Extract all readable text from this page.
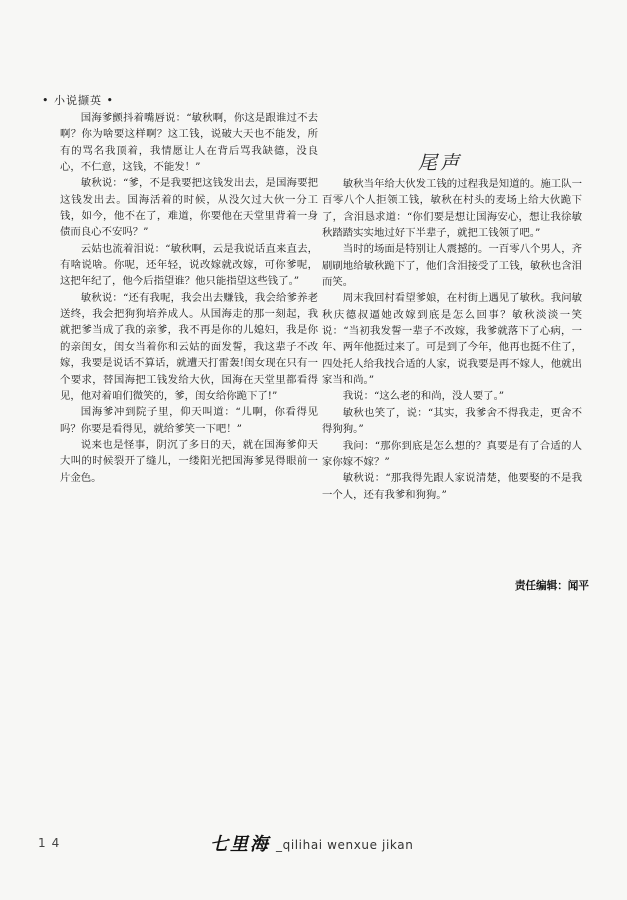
• 小说撷英 •

国海爹颤抖着嘴唇说：“敏秋啊，你这是跟谁过不去啊？你为啥要这样啊？这工钱，说破大天也不能发，所有的骂名我顶着，我情愿让人在背后骂我缺德，没良心，不仁意，这钱，不能发！”

敏秋说：“爹，不是我要把这钱发出去，是国海要把这钱发出去。国海活着的时候，从没欠过大伙一分工钱，如今，他不在了，难道，你要他在天堂里背着一身债而良心不安吗？”

云姑也流着泪说：“敏秋啊，云是我说话直来直去，有啥说啥。你呢，还年轻，说改嫁就改嫁，可你爹呢，这把年纪了，他今后指望谁？他只能指望这些钱了。”

敏秋说：“还有我呢，我会出去赚钱，我会给爹养老送终，我会把狗狗培养成人。从国海走的那一刻起，我就把爹当成了我的亲爹，我不再是你的儿媳妇，我是你的亲闺女，闺女当着你和云姑的面发誓，我这辈子不改嫁，我要是说话不算话，就遭天打雷轰!闺女现在只有一个要求，替国海把工钱发给大伙，国海在天堂里都看得见，他对着咱们微笑的，爹，闺女给你跪下了!”

国海爹冲到院子里，仰天叫道：“儿啊，你看得见吗？你要是看得见，就给爹笑一下吧！”

说来也是怪事，阴沉了多日的天，就在国海爹仰天大叫的时候裂开了缝儿，一缕阳光把国海爹晃得眼前一片金色。

尾声

敏秋当年给大伙发工钱的过程我是知道的。施工队一百零八个人拒领工钱，敏秋在村头的麦场上给大伙跪下了，含泪恳求道：“你们要是想让国海安心，想让我徐敏秋踏踏实实地过好下半辈子，就把工钱领了吧。”

当时的场面是特别让人震撼的。一百零八个男人，齐刷刷地给敏秋跪下了，他们含泪接受了工钱，敏秋也含泪而笑。

周末我回村看望爹娘，在村街上遇见了敏秋。我问敏秋庆德叔逼她改嫁到底是怎么回事？敏秋淡淡一笑说：“当初我发誓一辈子不改嫁，我爹就落下了心病，一年、两年他挺过来了。可是到了今年，他再也挺不住了，四处托人给我找合适的人家，说我要是再不嫁人，他就出家当和尚。”

我说：“这么老的和尚，没人要了。”

敏秋也笑了，说：“其实，我爹舍不得我走，更舍不得狗狗。”

我问：“那你到底是怎么想的？真要是有了合适的人家你嫁不嫁？”

敏秋说：“那我得先跟人家说清楚，他要娶的不是我一个人，还有我爹和狗狗。”

责任编辑：闻平
14	七里海 _qilihai wenxue jikan
